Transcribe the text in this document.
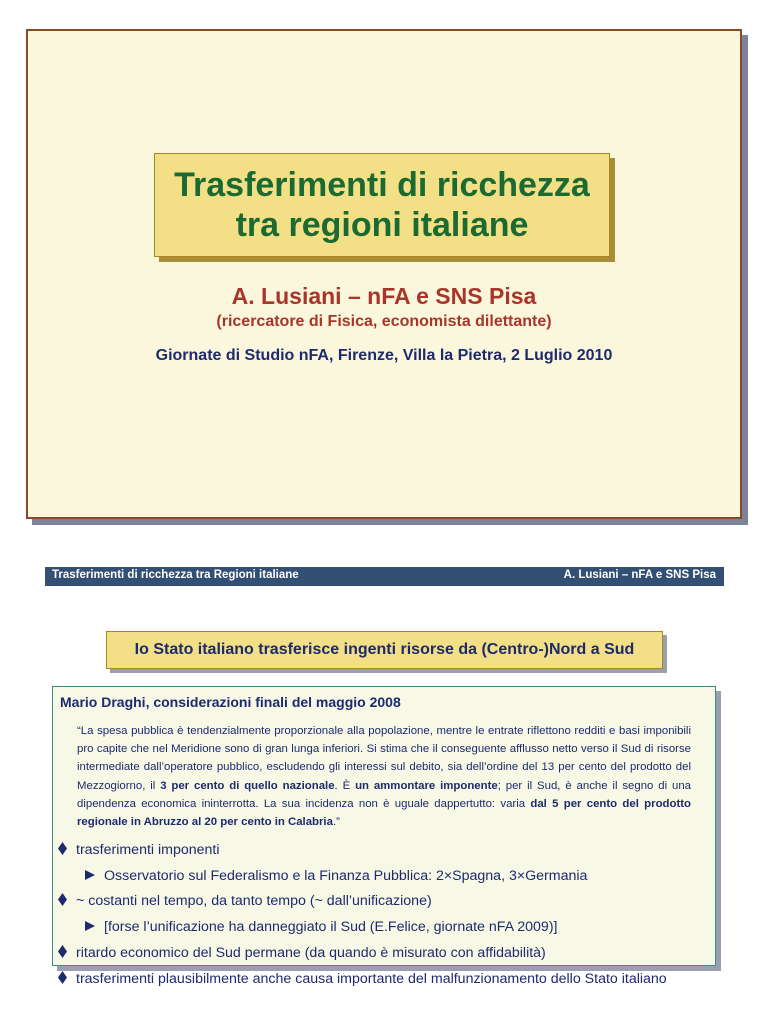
Trasferimenti di ricchezza
tra regioni italiane
A. Lusiani – nFA e SNS Pisa
(ricercatore di Fisica, economista dilettante)
Giornate di Studio nFA, Firenze, Villa la Pietra, 2 Luglio 2010
Trasferimenti di ricchezza tra Regioni italiane	A. Lusiani – nFA e SNS Pisa
Io Stato italiano trasferisce ingenti risorse da (Centro-)Nord a Sud
Mario Draghi, considerazioni finali del maggio 2008
“La spesa pubblica è tendenzialmente proporzionale alla popolazione, mentre le entrate riflettono redditi e basi imponibili pro capite che nel Meridione sono di gran lunga inferiori. Si stima che il conseguente afflusso netto verso il Sud di risorse intermediate dall’operatore pubblico, escludendo gli interessi sul debito, sia dell’ordine del 13 per cento del prodotto del Mezzogiorno, il 3 per cento di quello nazionale. È un ammontare imponente; per il Sud, è anche il segno di una dipendenza economica ininterrotta. La sua incidenza non è uguale dappertutto: varia dal 5 per cento del prodotto regionale in Abruzzo al 20 per cento in Calabria.”
trasferimenti imponenti
Osservatorio sul Federalismo e la Finanza Pubblica: 2×Spagna, 3×Germania
~ costanti nel tempo, da tanto tempo (~ dall’unificazione)
[forse l’unificazione ha danneggiato il Sud (E.Felice, giornate nFA 2009)]
ritardo economico del Sud permane (da quando è misurato con affidabilità)
trasferimenti plausibilmente anche causa importante del malfunzionamento dello Stato italiano
